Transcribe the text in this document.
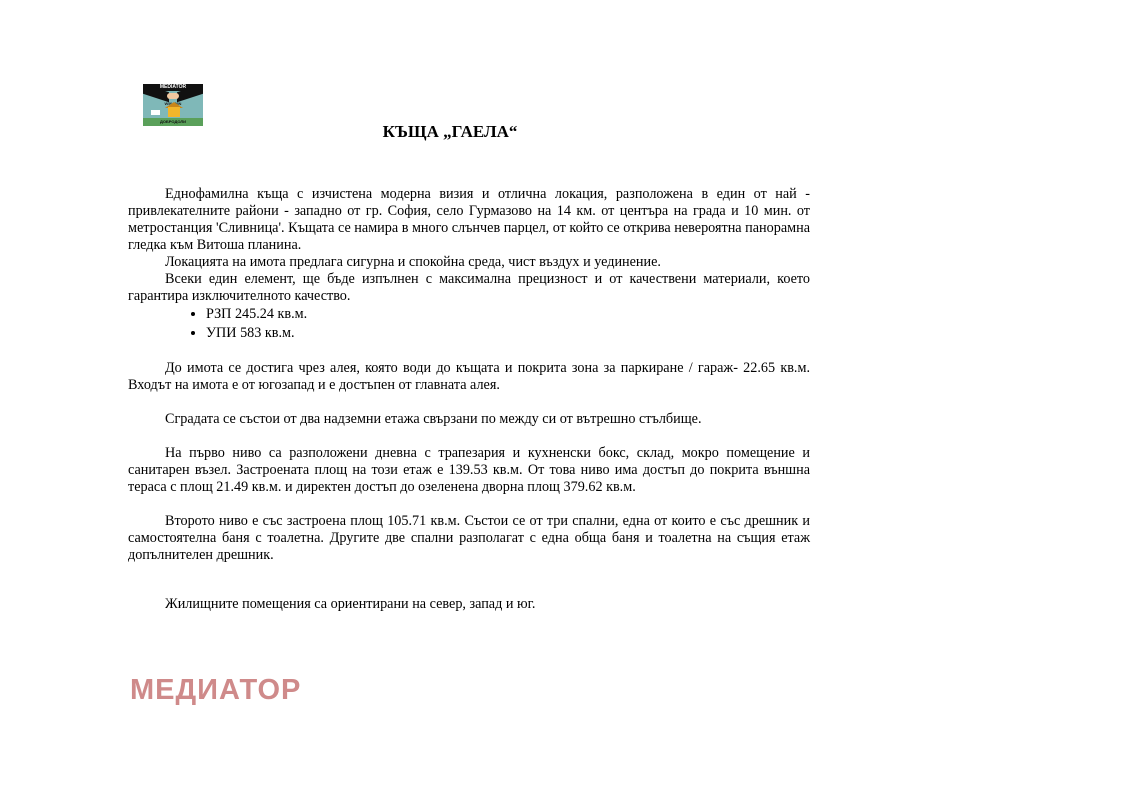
MEDIATOR
WIN-WIN
ДОБРОДОЛИ
КЪЩА „ГАЕЛА“

Еднофамилна къща с изчистена модерна визия и отлична локация, разположена в един от най - привлекателните райони - западно от гр. София, село Гурмазово на 14 км. от центъра на града и 10 мин. от метростанция 'Сливница'. Къщата се намира в много слънчев парцел, от който се открива невероятна панорамна гледка към Витоша планина.

Локацията на имота предлага сигурна и спокойна среда, чист въздух и уединение.

Всеки един елемент, ще бъде изпълнен с максимална прецизност и от качествени материали, което гарантира изключителното качество.

• РЗП 245.24 кв.м.
• УПИ 583 кв.м.

До имота се достига чрез алея, която води до къщата и покрита зона за паркиране / гараж- 22.65 кв.м. Входът на имота е от югозапад и е достъпен от главната алея.

Сградата се състои от два надземни етажа свързани по между си от вътрешно стълбище.

На първо ниво са разположени дневна с трапезария и кухненски бокс, склад, мокро помещение и санитарен възел. Застроената площ на този етаж е 139.53 кв.м. От това ниво има достъп до покрита външна тераса с площ 21.49 кв.м. и директен достъп до озеленена дворна площ 379.62 кв.м.

Второто ниво е със застроена площ 105.71 кв.м. Състои се от три спални, една от които е със дрешник и самостоятелна баня с тоалетна. Другите две спални разполагат с една обща баня и тоалетна на същия етаж допълнителен дрешник.

Жилищните помещения са ориентирани на север, запад и юг.

МЕДИАТОР
